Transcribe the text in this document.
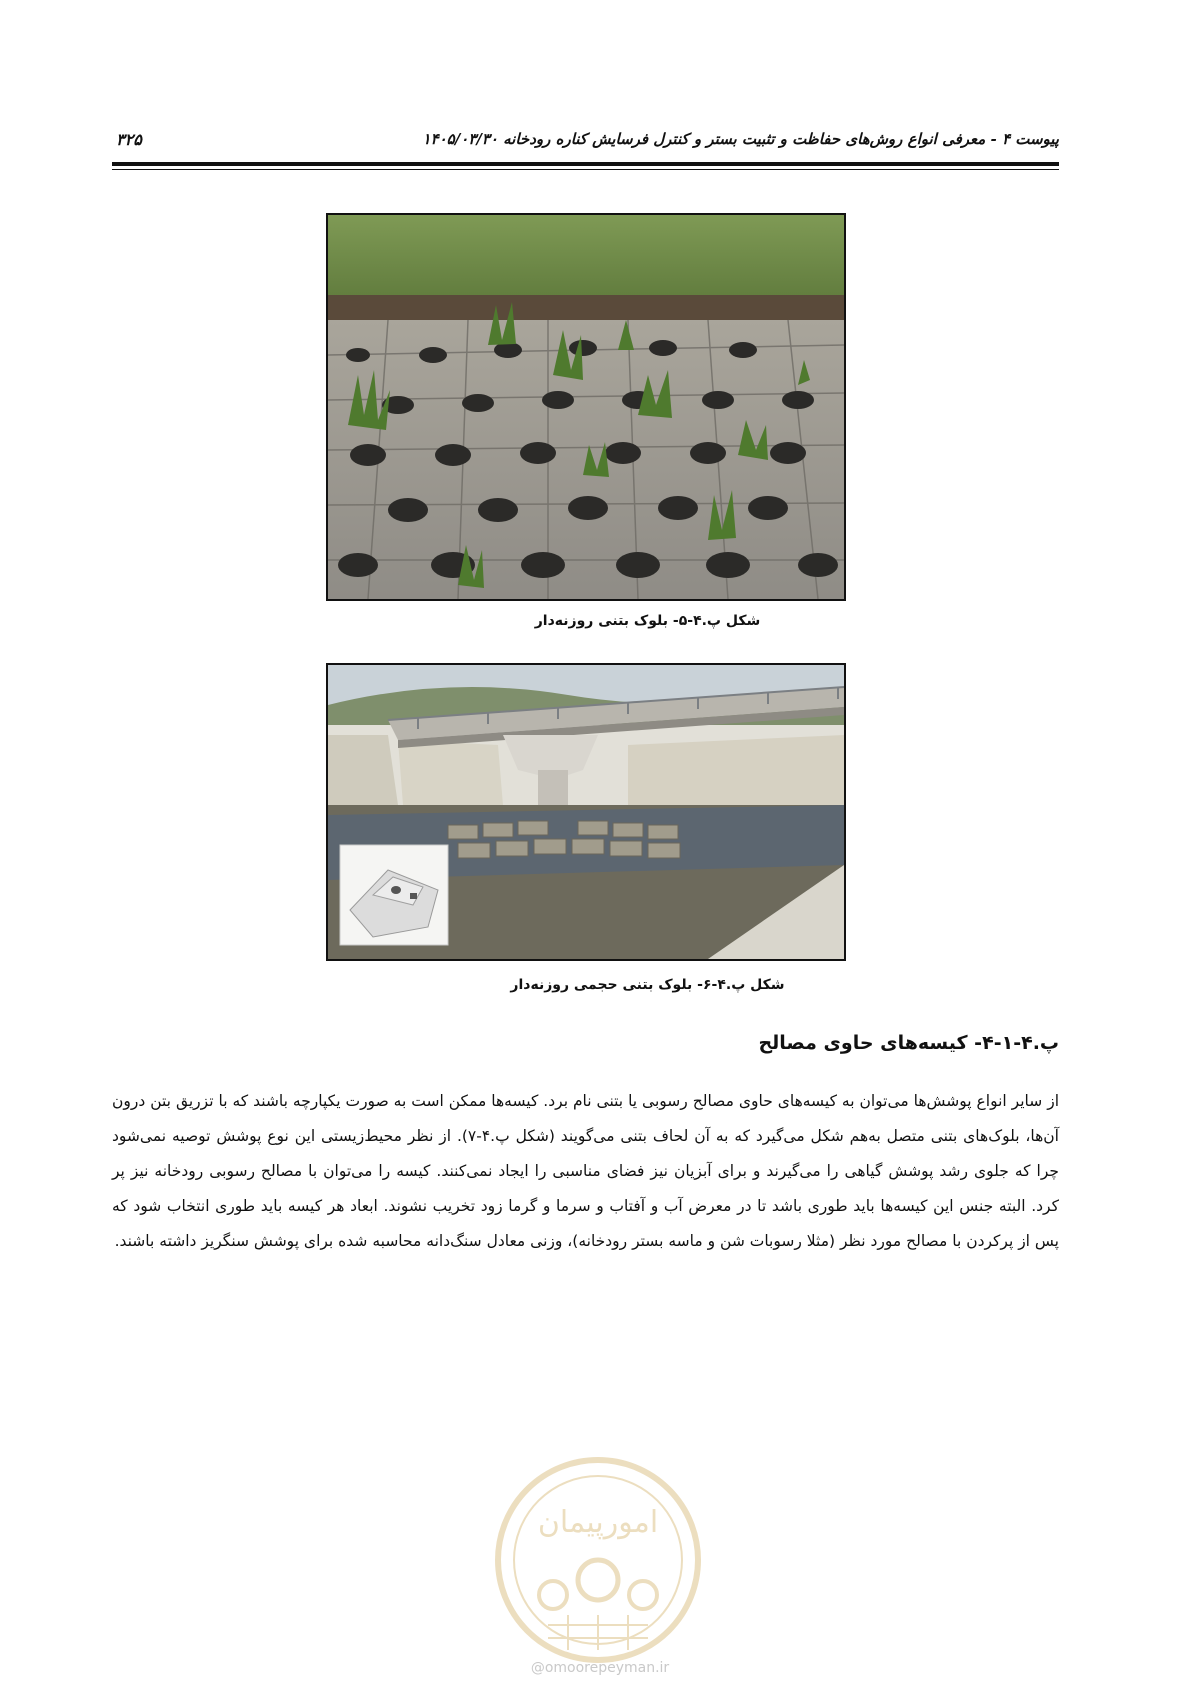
پیوست ۴ - معرفی انواع روش‌های حفاظت و تثبیت بستر و کنترل فرسایش کناره رودخانه ۱۴۰۵/۰۳/۳۰
۳۲۵
شکل پ.۴-۵- بلوک بتنی روزنه‌دار
شکل پ.۴-۶- بلوک بتنی حجمی روزنه‌دار
پ.۴-۱-۴- کیسه‌های حاوی مصالح
از سایر انواع پوشش‌ها می‌توان به کیسه‌های حاوی مصالح رسوبی یا بتنی نام برد. کیسه‌ها ممکن است به صورت یکپارچه باشند که با تزریق بتن درون آن‌ها، بلوک‌های بتنی متصل به‌هم شکل می‌گیرد که به آن لحاف بتنی می‌گویند (شکل پ.۴-۷). از نظر محیط‌زیستی این نوع پوشش توصیه نمی‌شود چرا که جلوی رشد پوشش گیاهی را می‌گیرند و برای آبزیان نیز فضای مناسبی را ایجاد نمی‌کنند. کیسه را می‌توان با مصالح رسوبی رودخانه نیز پر کرد. البته جنس این کیسه‌ها باید طوری باشد تا در معرض آب و آفتاب و سرما و گرما زود تخریب نشوند. ابعاد هر کیسه باید طوری انتخاب شود که پس از پرکردن با مصالح مورد نظر (مثلا رسوبات شن و ماسه بستر رودخانه)، وزنی معادل سنگ‌دانه محاسبه شده برای پوشش سنگریز داشته باشند.
امورپیمان
@omoorepeyman.ir
